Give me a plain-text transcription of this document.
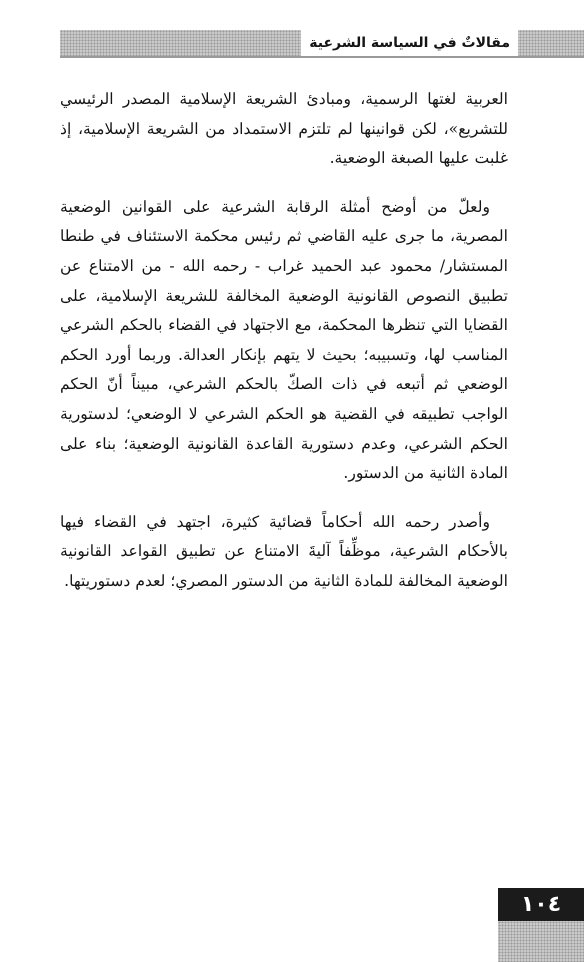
مقالاتٌ في السياسة الشرعية

العربية لغتها الرسمية، ومبادئ الشريعة الإسلامية المصدر الرئيسي للتشريع»، لكن قوانينها لم تلتزم الاستمداد من الشريعة الإسلامية، إذ غلبت عليها الصبغة الوضعية.

ولعلّ من أوضح أمثلة الرقابة الشرعية على القوانين الوضعية المصرية، ما جرى عليه القاضي ثم رئيس محكمة الاستئناف في طنطا المستشار/ محمود عبد الحميد غراب - رحمه الله - من الامتناع عن تطبيق النصوص القانونية الوضعية المخالفة للشريعة الإسلامية، على القضايا التي تنظرها المحكمة، مع الاجتهاد في القضاء بالحكم الشرعي المناسب لها، وتسبيبه؛ بحيث لا يتهم بإنكار العدالة. وربما أورد الحكم الوضعي ثم أتبعه في ذات الصكّ بالحكم الشرعي، مبيناً أنّ الحكم الواجب تطبيقه في القضية هو الحكم الشرعي لا الوضعي؛ لدستورية الحكم الشرعي، وعدم دستورية القاعدة القانونية الوضعية؛ بناء على المادة الثانية من الدستور.

وأصدر رحمه الله أحكاماً قضائية كثيرة، اجتهد في القضاء فيها بالأحكام الشرعية، موظِّفاً آليةَ الامتناع عن تطبيق القواعد القانونية الوضعية المخالفة للمادة الثانية من الدستور المصري؛ لعدم دستوريتها.

١٠٤
